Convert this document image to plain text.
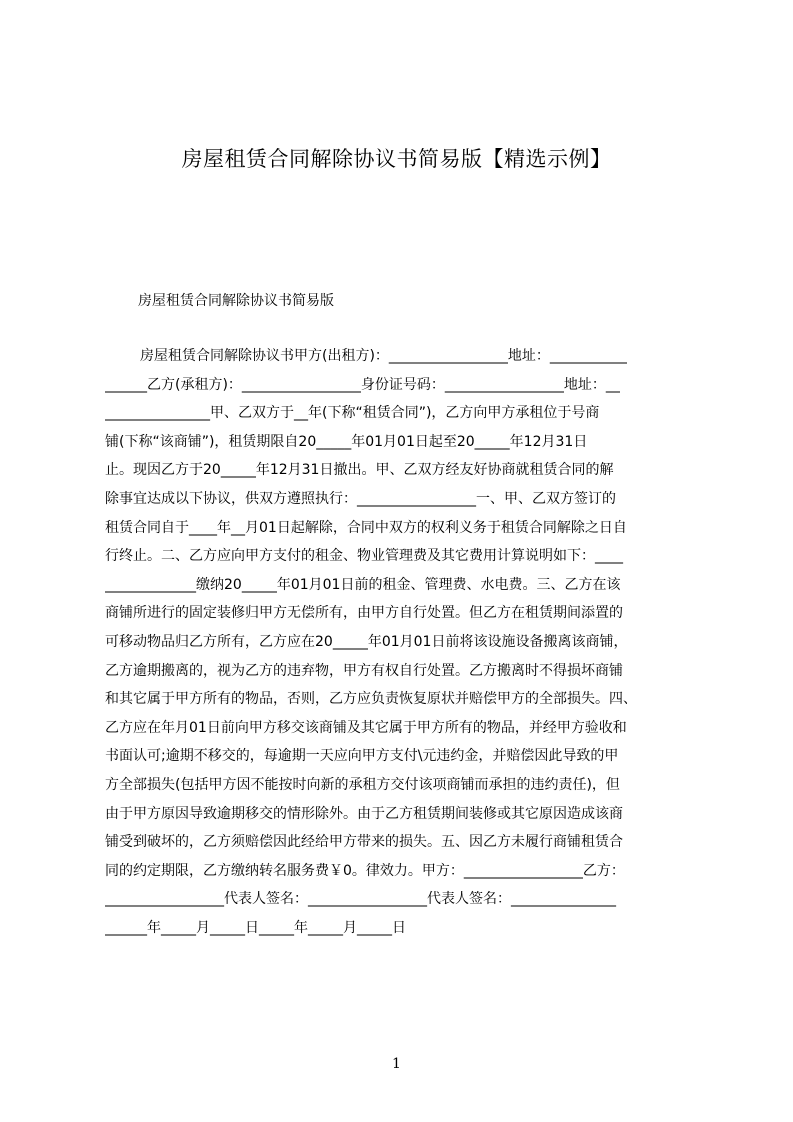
房屋租赁合同解除协议书简易版【精选示例】
房屋租赁合同解除协议书简易版
房屋租赁合同解除协议书甲方(出租方)：_________________地址：___________
______乙方(承租方)：_________________身份证号码：_________________地址：__
_______________甲、乙双方于__年(下称“租赁合同”)，乙方向甲方承租位于号商
铺(下称“该商铺”)，租赁期限自20_____年01月01日起至20_____年12月31日
止。现因乙方于20_____年12月31日撤出。甲、乙双方经友好协商就租赁合同的解
除事宜达成以下协议，供双方遵照执行：_________________一、甲、乙双方签订的
租赁合同自于____年__月01日起解除，合同中双方的权利义务于租赁合同解除之日自
行终止。二、乙方应向甲方支付的租金、物业管理费及其它费用计算说明如下：____
_____________缴纳20_____年01月01日前的租金、管理费、水电费。三、乙方在该
商铺所进行的固定装修归甲方无偿所有，由甲方自行处置。但乙方在租赁期间添置的
可移动物品归乙方所有，乙方应在20_____年01月01日前将该设施设备搬离该商铺，
乙方逾期搬离的，视为乙方的违弃物，甲方有权自行处置。乙方搬离时不得损坏商铺
和其它属于甲方所有的物品，否则，乙方应负责恢复原状并赔偿甲方的全部损失。四、
乙方应在年月01日前向甲方移交该商铺及其它属于甲方所有的物品，并经甲方验收和
书面认可;逾期不移交的，每逾期一天应向甲方支付\元违约金，并赔偿因此导致的甲
方全部损失(包括甲方因不能按时向新的承租方交付该项商铺而承担的违约责任)，但
由于甲方原因导致逾期移交的情形除外。由于乙方租赁期间装修或其它原因造成该商
铺受到破坏的，乙方须赔偿因此经给甲方带来的损失。五、因乙方未履行商铺租赁合
同的约定期限，乙方缴纳转名服务费￥0。律效力。甲方：_________________乙方：
_________________代表人签名：_________________代表人签名：_______________
______年_____月_____日_____年_____月_____日
1
